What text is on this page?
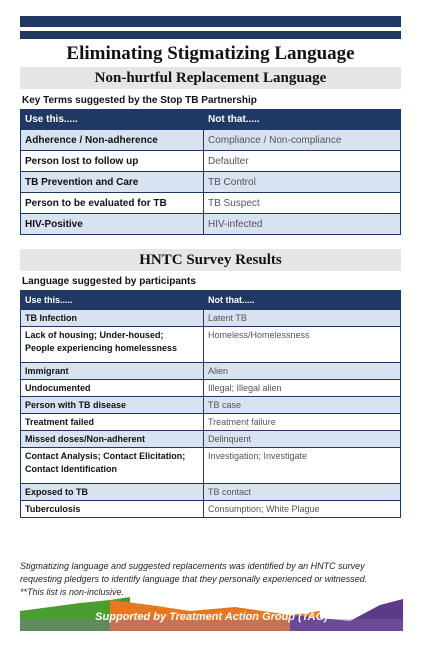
Eliminating Stigmatizing Language
Non-hurtful Replacement Language
Key Terms suggested by the Stop TB Partnership
Use this.....	Not that.....
Adherence / Non-adherence	Compliance / Non-compliance
Person lost to follow up	Defaulter
TB Prevention and Care	TB Control
Person to be evaluated for TB	TB Suspect
HIV-Positive	HIV-infected
HNTC Survey Results
Language suggested by participants
Use this.....	Not that.....
TB Infection	Latent TB

Lack of housing; Under-housed;
People experiencing homelessness	Homeless/Homelessness
Immigrant	Alien
Undocumented	Illegal; Illegal alien
Person with TB disease	TB case
Treatment failed	Treatment failure
Missed doses/Non-adherent	Delinquent

Contact Analysis; Contact Elicitation;
Contact Identification	Investigation; Investigate
Exposed to TB	TB contact
Tuberculosis	Consumption; White Plague
Stigmatizing language and suggested replacements was identified by an HNTC survey
requesting pledgers to identify language that they personally experienced or witnessed.
**This list is non-inclusive.
Supported by Treatment Action Group (TAG)
